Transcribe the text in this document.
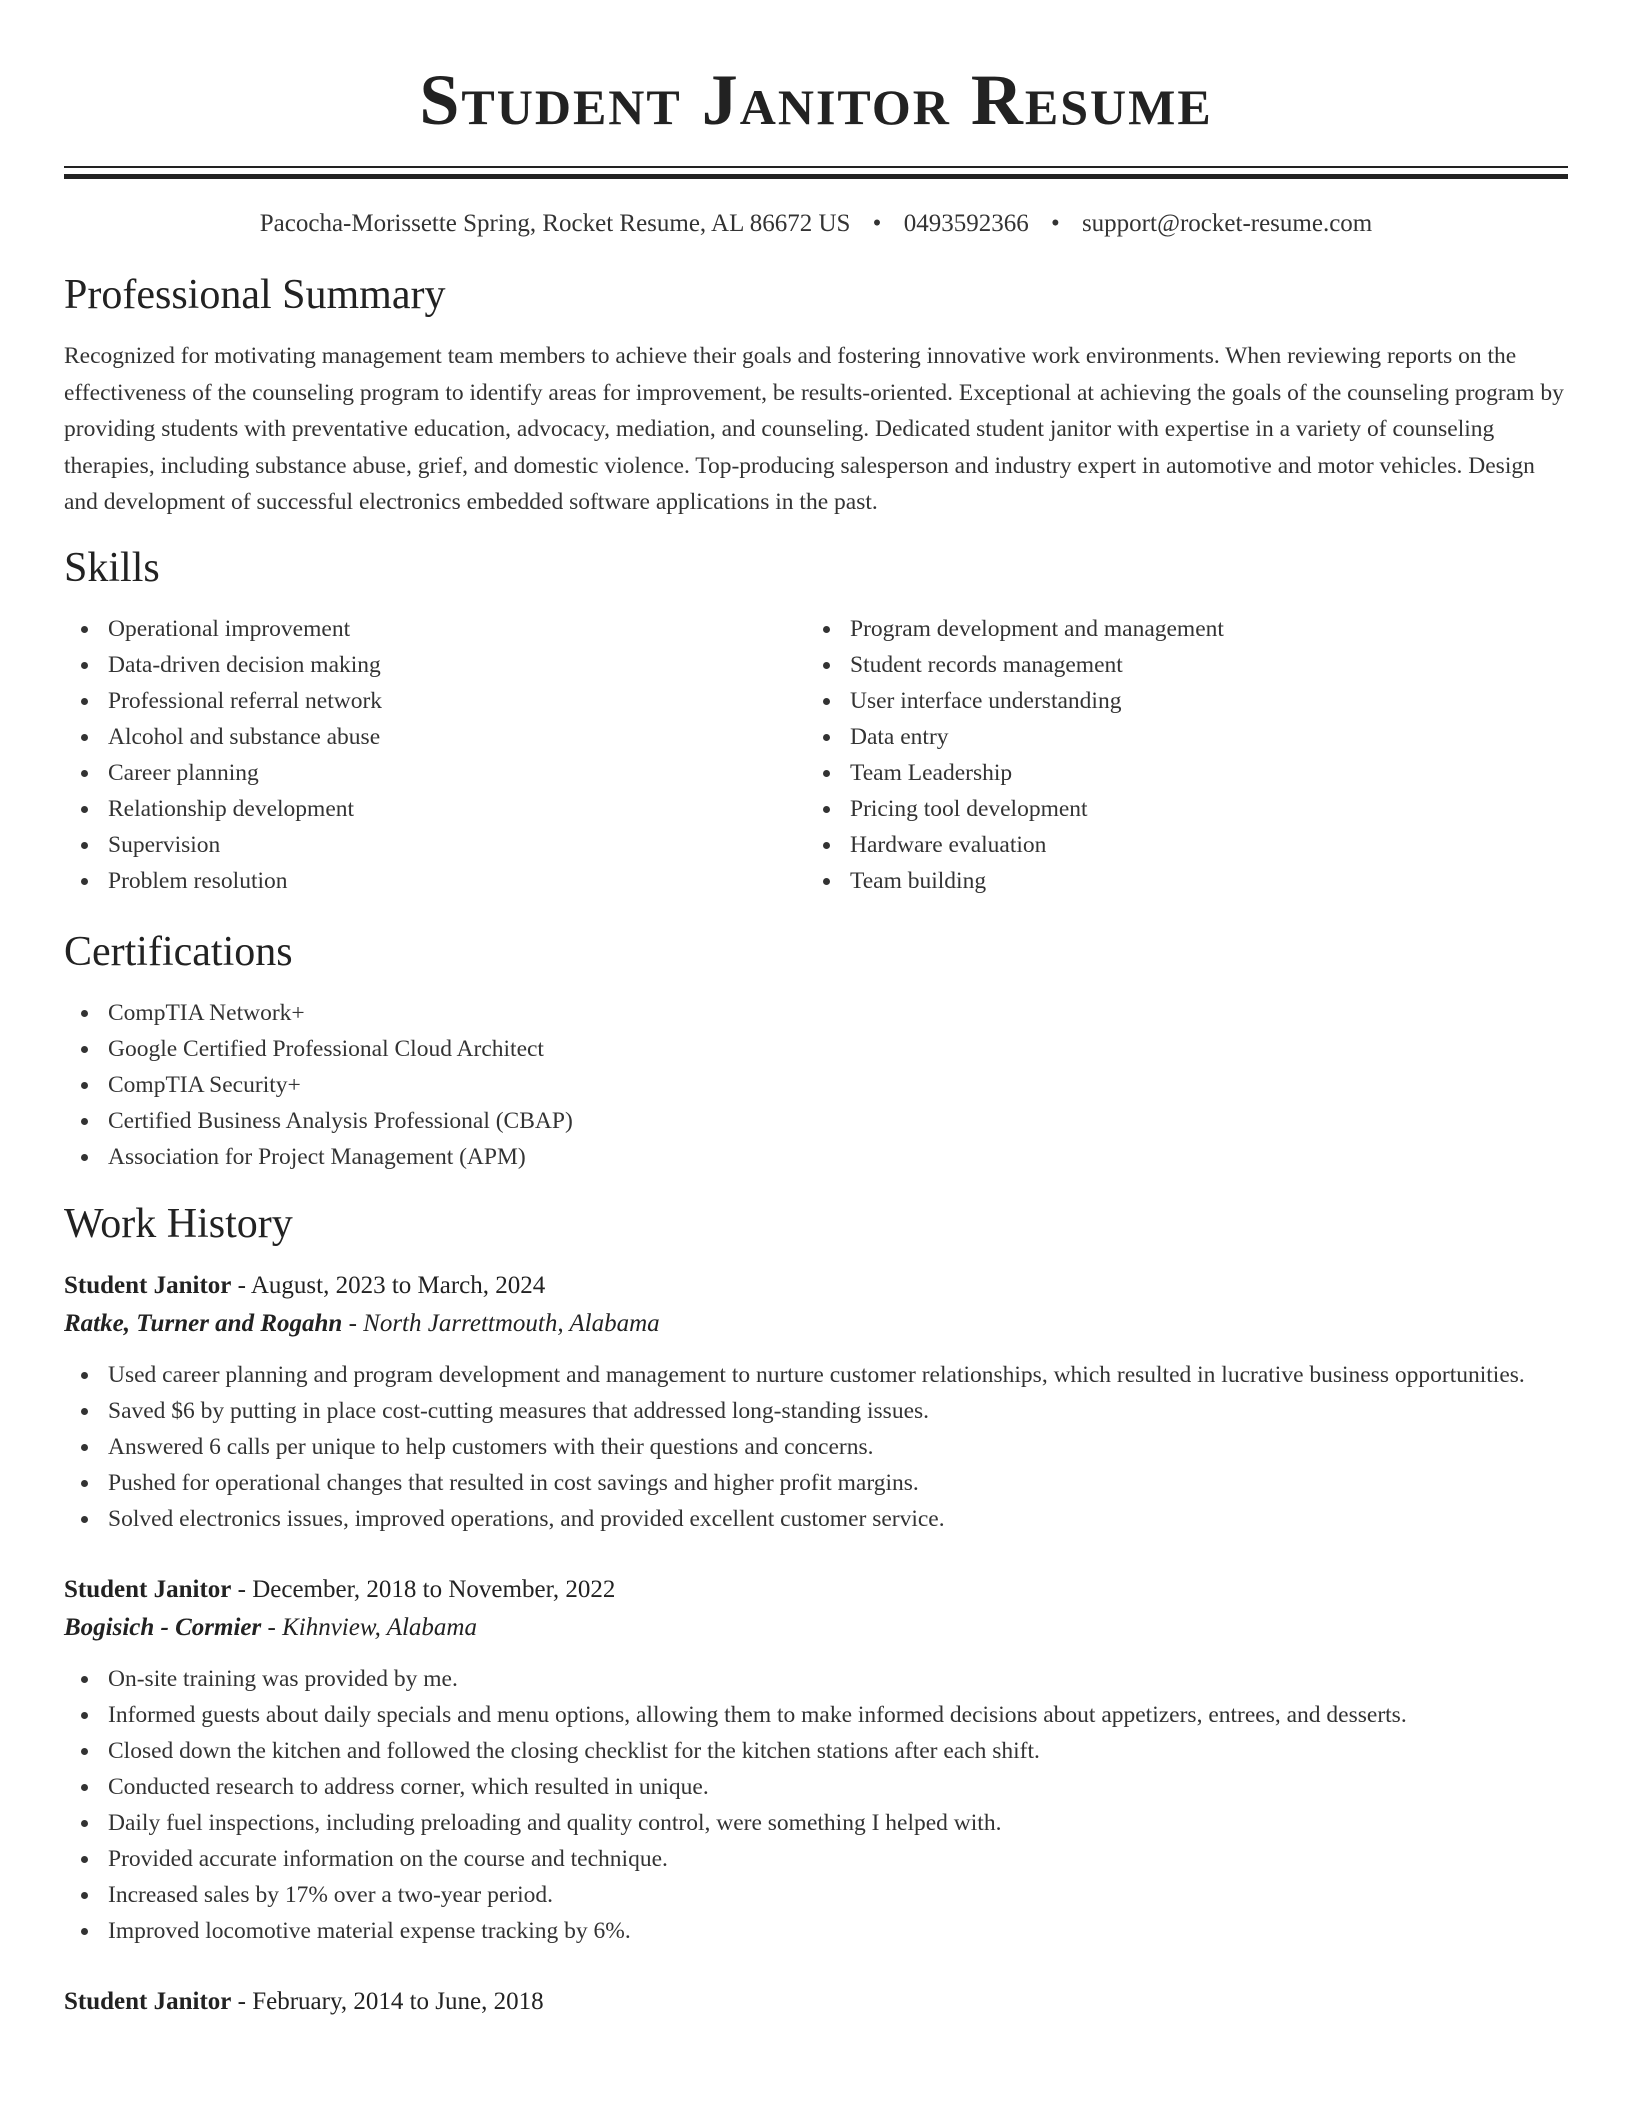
Student Janitor Resume
Pacocha-Morissette Spring, Rocket Resume, AL 86672 US • 0493592366 • support@rocket-resume.com
Professional Summary

Recognized for motivating management team members to achieve their goals and fostering innovative work environments. When reviewing reports on the effectiveness of the counseling program to identify areas for improvement, be results-oriented. Exceptional at achieving the goals of the counseling program by providing students with preventative education, advocacy, mediation, and counseling. Dedicated student janitor with expertise in a variety of counseling therapies, including substance abuse, grief, and domestic violence. Top-producing salesperson and industry expert in automotive and motor vehicles. Design and development of successful electronics embedded software applications in the past.

Skills
Operational improvement
Data-driven decision making
Professional referral network
Alcohol and substance abuse
Career planning
Relationship development
Supervision
Problem resolution
Program development and management
Student records management
User interface understanding
Data entry
Team Leadership
Pricing tool development
Hardware evaluation
Team building
Certifications
CompTIA Network+
Google Certified Professional Cloud Architect
CompTIA Security+
Certified Business Analysis Professional (CBAP)
Association for Project Management (APM)
Work History
Student Janitor - August, 2023 to March, 2024
Ratke, Turner and Rogahn - North Jarrettmouth, Alabama
Used career planning and program development and management to nurture customer relationships, which resulted in lucrative business opportunities.
Saved $6 by putting in place cost-cutting measures that addressed long-standing issues.
Answered 6 calls per unique to help customers with their questions and concerns.
Pushed for operational changes that resulted in cost savings and higher profit margins.
Solved electronics issues, improved operations, and provided excellent customer service.
Student Janitor - December, 2018 to November, 2022
Bogisich - Cormier - Kihnview, Alabama
On-site training was provided by me.
Informed guests about daily specials and menu options, allowing them to make informed decisions about appetizers, entrees, and desserts.
Closed down the kitchen and followed the closing checklist for the kitchen stations after each shift.
Conducted research to address corner, which resulted in unique.
Daily fuel inspections, including preloading and quality control, were something I helped with.
Provided accurate information on the course and technique.
Increased sales by 17% over a two-year period.
Improved locomotive material expense tracking by 6%.
Student Janitor - February, 2014 to June, 2018
